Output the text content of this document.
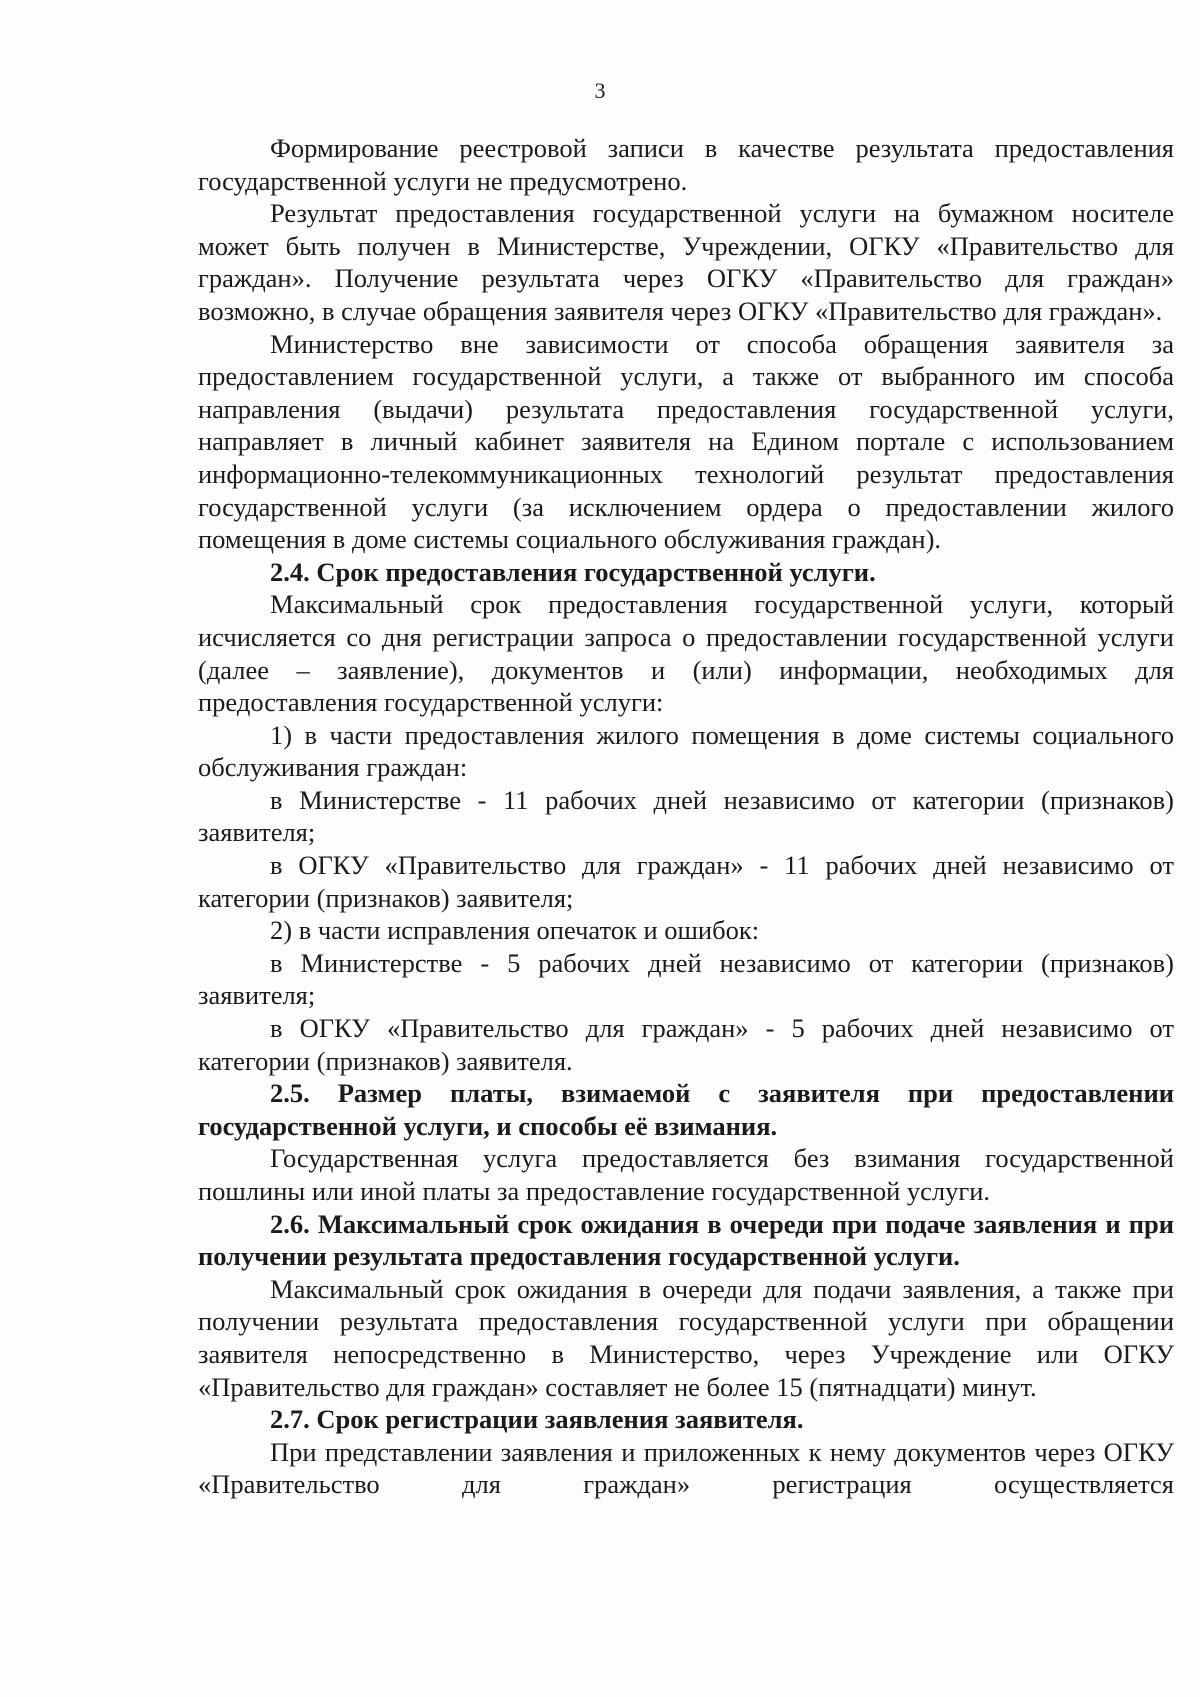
3

Формирование реестровой записи в качестве результата предоставления государственной услуги не предусмотрено.

Результат предоставления государственной услуги на бумажном носителе может быть получен в Министерстве, Учреждении, ОГКУ «Правительство для граждан». Получение результата через ОГКУ «Правительство для граждан» возможно, в случае обращения заявителя через ОГКУ «Правительство для граждан».

Министерство вне зависимости от способа обращения заявителя за предоставлением государственной услуги, а также от выбранного им способа направления (выдачи) результата предоставления государственной услуги, направляет в личный кабинет заявителя на Едином портале с использованием информационно-телекоммуникационных технологий результат предоставления государственной услуги (за исключением ордера о предоставлении жилого помещения в доме системы социального обслуживания граждан).

2.4. Срок предоставления государственной услуги.

Максимальный срок предоставления государственной услуги, который исчисляется со дня регистрации запроса о предоставлении государственной услуги (далее – заявление), документов и (или) информации, необходимых для предоставления государственной услуги:

1) в части предоставления жилого помещения в доме системы социального обслуживания граждан:

в Министерстве - 11 рабочих дней независимо от категории (признаков) заявителя;

в ОГКУ «Правительство для граждан» - 11 рабочих дней независимо от категории (признаков) заявителя;

2) в части исправления опечаток и ошибок:

в Министерстве - 5 рабочих дней независимо от категории (признаков) заявителя;

в ОГКУ «Правительство для граждан» - 5 рабочих дней независимо от категории (признаков) заявителя.

2.5. Размер платы, взимаемой с заявителя при предоставлении государственной услуги, и способы её взимания.

Государственная услуга предоставляется без взимания государственной пошлины или иной платы за предоставление государственной услуги.

2.6. Максимальный срок ожидания в очереди при подаче заявления и при получении результата предоставления государственной услуги.

Максимальный срок ожидания в очереди для подачи заявления, а также при получении результата предоставления государственной услуги при обращении заявителя непосредственно в Министерство, через Учреждение или ОГКУ «Правительство для граждан» составляет не более 15 (пятнадцати) минут.

2.7. Срок регистрации заявления заявителя.

При представлении заявления и приложенных к нему документов через ОГКУ «Правительство для граждан» регистрация осуществляется
